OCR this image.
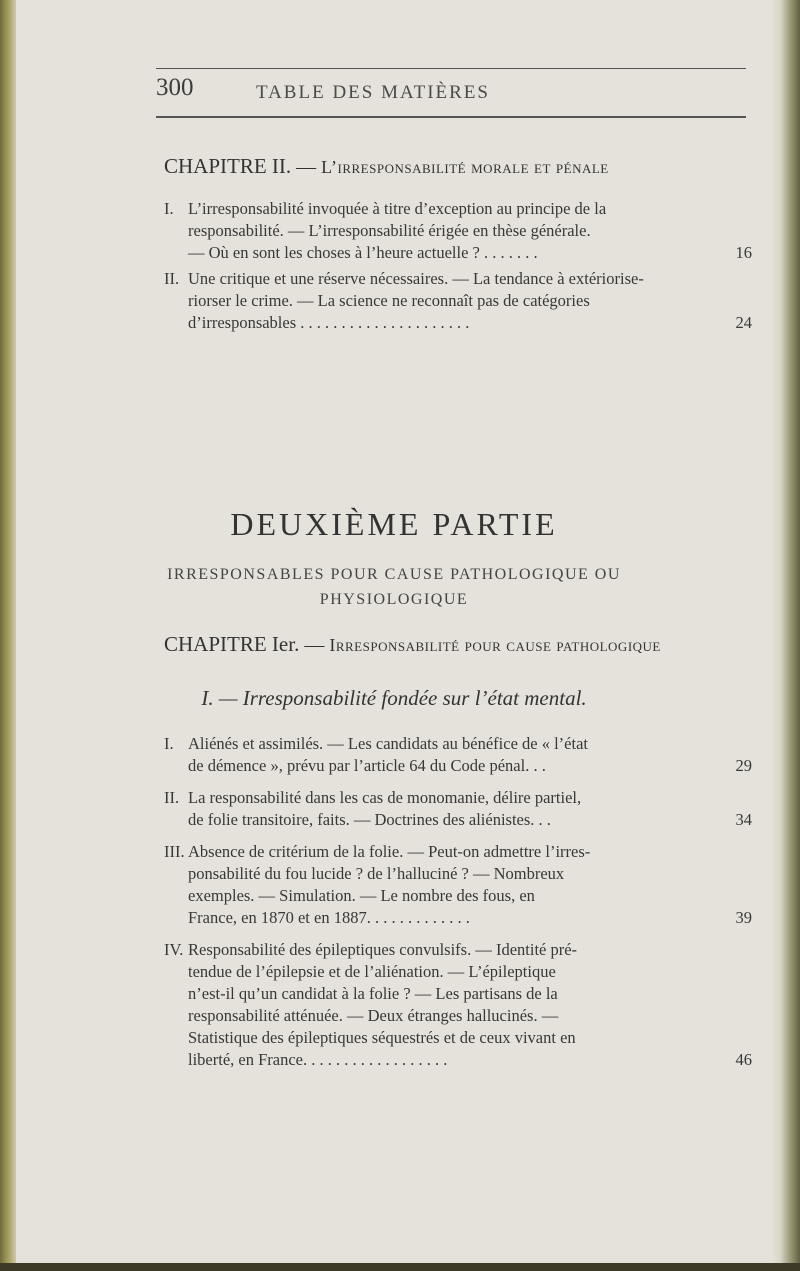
300	TABLE DES MATIÈRES
CHAPITRE II. — L’irresponsabilité morale et pénale
I. L’irresponsabilité invoquée à titre d’exception au principe de la
responsabilité. — L’irresponsabilité érigée en thèse générale.
— Où en sont les choses à l’heure actuelle ? . . . . . . .	16
II. Une critique et une réserve nécessaires. — La tendance à extériorise-
riorser le crime. — La science ne reconnaît pas de catégories
d’irresponsables . . . . . . . . . . . . . . . . . . . . .	24
DEUXIÈME PARTIE
IRRESPONSABLES POUR CAUSE PATHOLOGIQUE OU
PHYSIOLOGIQUE
CHAPITRE Ier. — Irresponsabilité pour cause pathologique
I. — Irresponsabilité fondée sur l’état mental.
I. Aliénés et assimilés. — Les candidats au bénéfice de « l’état
de démence », prévu par l’article 64 du Code pénal. . .	29
II. La responsabilité dans les cas de monomanie, délire partiel,
de folie transitoire, faits. — Doctrines des aliénistes. . .	34
III. Absence de critérium de la folie. — Peut-on admettre l’irres-
ponsabilité du fou lucide ? de l’halluciné ? — Nombreux
exemples. — Simulation. — Le nombre des fous, en
France, en 1870 et en 1887. . . . . . . . . . . . .	39
IV. Responsabilité des épileptiques convulsifs. — Identité pré-
tendue de l’épilepsie et de l’aliénation. — L’épileptique
n’est-il qu’un candidat à la folie ? — Les partisans de la
responsabilité atténuée. — Deux étranges hallucinés. —
Statistique des épileptiques séquestrés et de ceux vivant en
liberté, en France. . . . . . . . . . . . . . . . . .	46
